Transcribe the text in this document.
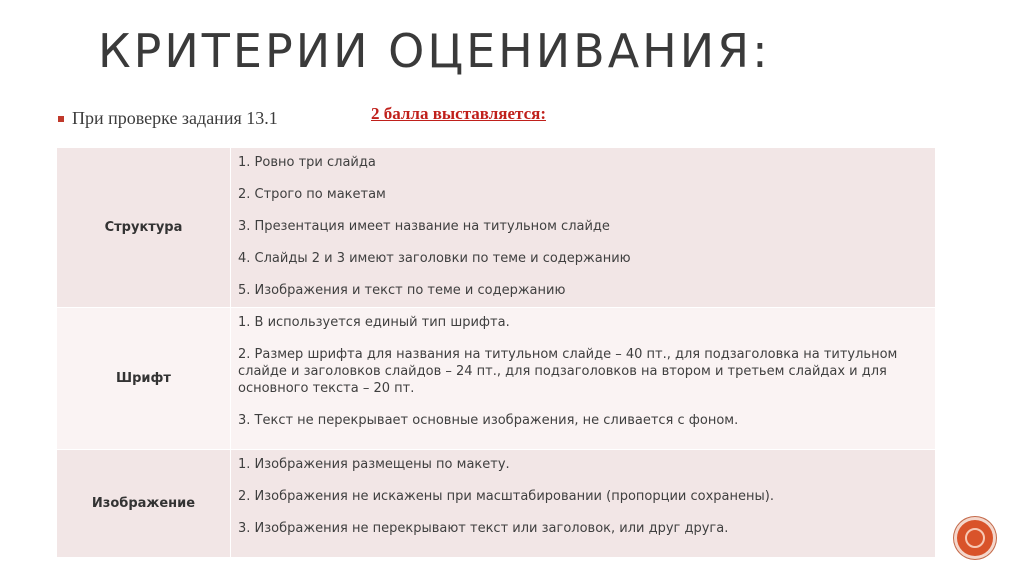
КРИТЕРИИ ОЦЕНИВАНИЯ:
При проверке задания 13.1	2 балла выставляется:
Структура	1. Ровно три слайда

2. Строго по макетам

3. Презентация имеет название на титульном слайде

4. Слайды 2 и 3 имеют заголовки по теме и содержанию

5. Изображения и текст по теме и содержанию

Шрифт	1. В используется единый тип шрифта.

2. Размер шрифта для названия на титульном слайде – 40 пт., для подзаголовка на титульном слайде и заголовков слайдов – 24 пт., для подзаголовков на втором и третьем слайдах и для основного текста – 20 пт.

3. Текст не перекрывает основные изображения, не сливается с фоном.

Изображение	1. Изображения размещены по макету.

2. Изображения не искажены при масштабировании (пропорции сохранены).

3. Изображения не перекрывают текст или заголовок, или друг друга.
